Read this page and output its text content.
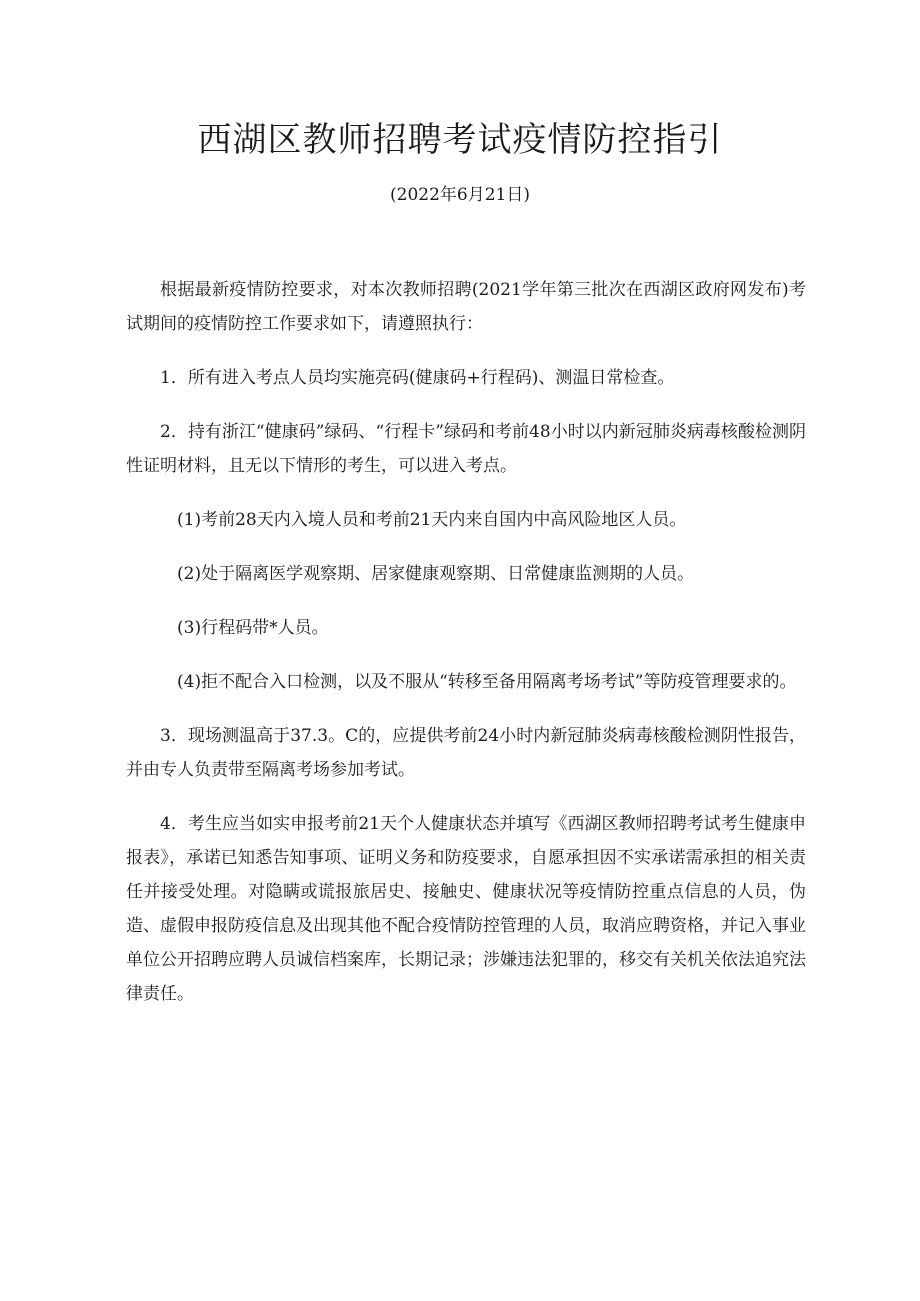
西湖区教师招聘考试疫情防控指引

(2022年6月21日)

根据最新疫情防控要求，对本次教师招聘(2021学年第三批次在西湖区政府网发布)考试期间的疫情防控工作要求如下，请遵照执行：

1．所有进入考点人员均实施亮码(健康码+行程码)、测温日常检查。

2．持有浙江“健康码”绿码、“行程卡”绿码和考前48小时以内新冠肺炎病毒核酸检测阴性证明材料，且无以下情形的考生，可以进入考点。

(1)考前28天内入境人员和考前21天内来自国内中高风险地区人员。

(2)处于隔离医学观察期、居家健康观察期、日常健康监测期的人员。

(3)行程码带*人员。

(4)拒不配合入口检测，以及不服从“转移至备用隔离考场考试”等防疫管理要求的。

3．现场测温高于37.3。C的，应提供考前24小时内新冠肺炎病毒核酸检测阴性报告，并由专人负责带至隔离考场参加考试。

4．考生应当如实申报考前21天个人健康状态并填写《西湖区教师招聘考试考生健康申报表》，承诺已知悉告知事项、证明义务和防疫要求，自愿承担因不实承诺需承担的相关责任并接受处理。对隐瞒或谎报旅居史、接触史、健康状况等疫情防控重点信息的人员，伪造、虚假申报防疫信息及出现其他不配合疫情防控管理的人员，取消应聘资格，并记入事业单位公开招聘应聘人员诚信档案库，长期记录；涉嫌违法犯罪的，移交有关机关依法追究法律责任。
